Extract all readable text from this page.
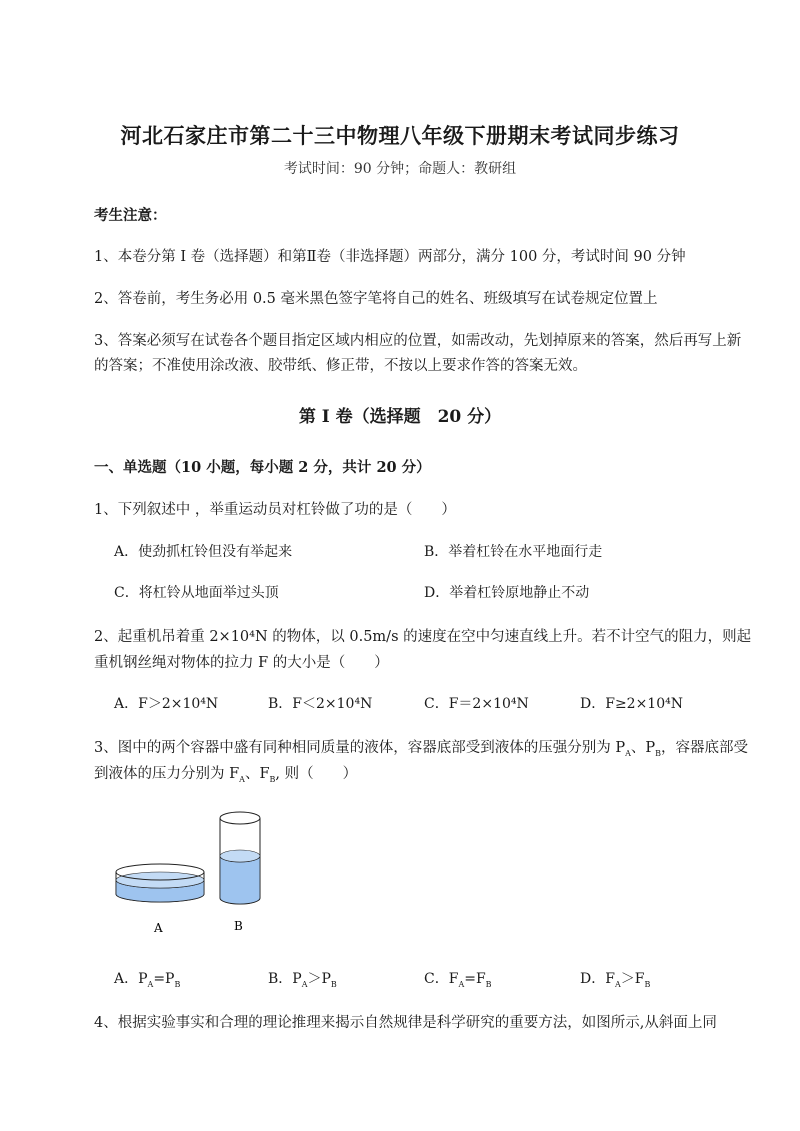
河北石家庄市第二十三中物理八年级下册期末考试同步练习
考试时间：90 分钟；命题人：教研组
考生注意：
1、本卷分第 I 卷（选择题）和第Ⅱ卷（非选择题）两部分，满分 100 分，考试时间 90 分钟
2、答卷前，考生务必用 0.5 毫米黑色签字笔将自己的姓名、班级填写在试卷规定位置上
3、答案必须写在试卷各个题目指定区域内相应的位置，如需改动，先划掉原来的答案，然后再写上新
的答案；不准使用涂改液、胶带纸、修正带，不按以上要求作答的答案无效。
第 I 卷（选择题　20 分）
一、单选题（10 小题，每小题 2 分，共计 20 分）
1、下列叙述中 ，举重运动员对杠铃做了功的是（　　）
A．使劲抓杠铃但没有举起来	B．举着杠铃在水平地面行走
C．将杠铃从地面举过头顶	D．举着杠铃原地静止不动
2、起重机吊着重 2×10⁴N 的物体，以 0.5m/s 的速度在空中匀速直线上升。若不计空气的阻力，则起
重机钢丝绳对物体的拉力 F 的大小是（　　）
A．F＞2×10⁴N	B．F＜2×10⁴N	C．F＝2×10⁴N	D．F≥2×10⁴N
3、图中的两个容器中盛有同种相同质量的液体，容器底部受到液体的压强分别为 $P_A$、$P_B$，容器底部受
到液体的压力分别为 $F_A$、$F_B$, 则（　　）
A	B
A．$P_A=P_B$	B．$P_A>P_B$	C．$F_A=F_B$	D．$F_A>F_B$
4、根据实验事实和合理的理论推理来揭示自然规律是科学研究的重要方法，如图所示,从斜面上同
